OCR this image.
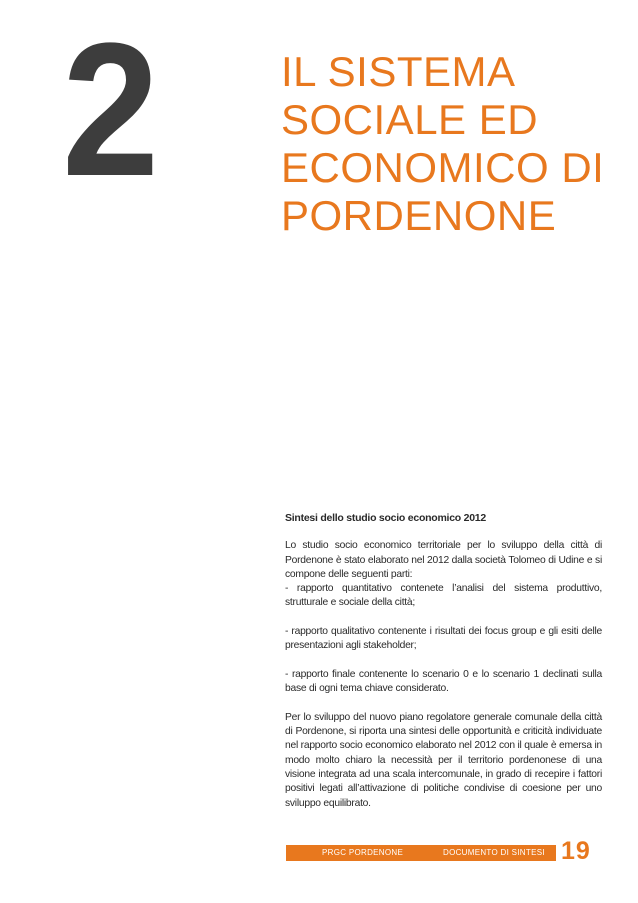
2	IL SISTEMA
SOCIALE ED
ECONOMICO DI
PORDENONE
Sintesi dello studio socio economico 2012

Lo studio socio economico territoriale per lo sviluppo della città di Pordenone è stato elaborato nel 2012 dalla società Tolomeo di Udine e si compone delle seguenti parti:

- rapporto quantitativo contenete l’analisi del sistema produttivo, strutturale e sociale della città;

- rapporto qualitativo contenente i risultati dei focus group e gli esiti delle presentazioni agli stakeholder;

- rapporto finale contenente lo scenario 0 e lo scenario 1 declinati sulla base di ogni tema chiave considerato.

Per lo sviluppo del nuovo piano regolatore generale comunale della città di Pordenone, si riporta una sintesi delle opportunità e criticità individuate nel rapporto socio economico elaborato nel 2012 con il quale è emersa in modo molto chiaro la necessità per il territorio pordenonese di una visione integrata ad una scala intercomunale, in grado di recepire i fattori positivi legati all’attivazione di politiche condivise di coesione per uno sviluppo equilibrato.

PRGC PORDENONE	DOCUMENTO DI SINTESI 19
